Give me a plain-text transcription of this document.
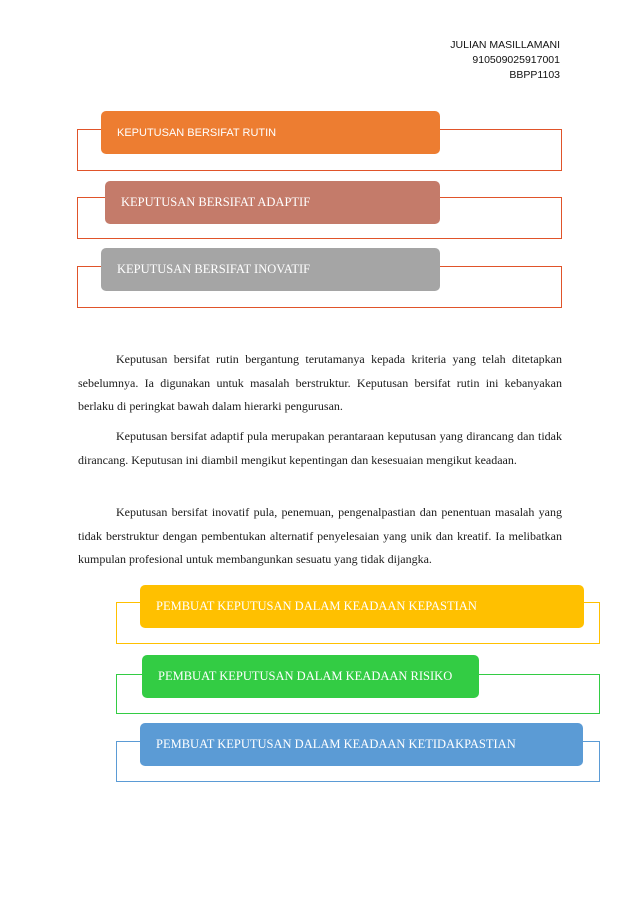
JULIAN MASILLAMANI
910509025917001
BBPP1103
KEPUTUSAN BERSIFAT RUTIN
KEPUTUSAN BERSIFAT ADAPTIF
KEPUTUSAN BERSIFAT INOVATIF

Keputusan bersifat rutin bergantung terutamanya kepada kriteria yang telah ditetapkan sebelumnya. Ia digunakan untuk masalah berstruktur. Keputusan bersifat rutin ini kebanyakan berlaku di peringkat bawah dalam hierarki pengurusan.

Keputusan bersifat adaptif pula merupakan perantaraan keputusan yang dirancang dan tidak dirancang. Keputusan ini diambil mengikut kepentingan dan kesesuaian mengikut keadaan.

Keputusan bersifat inovatif pula, penemuan, pengenalpastian dan penentuan masalah yang tidak berstruktur dengan pembentukan alternatif penyelesaian yang unik dan kreatif. Ia melibatkan kumpulan profesional untuk membangunkan sesuatu yang tidak dijangka.

PEMBUAT KEPUTUSAN DALAM KEADAAN KEPASTIAN
PEMBUAT KEPUTUSAN DALAM KEADAAN RISIKO
PEMBUAT KEPUTUSAN DALAM KEADAAN KETIDAKPASTIAN
